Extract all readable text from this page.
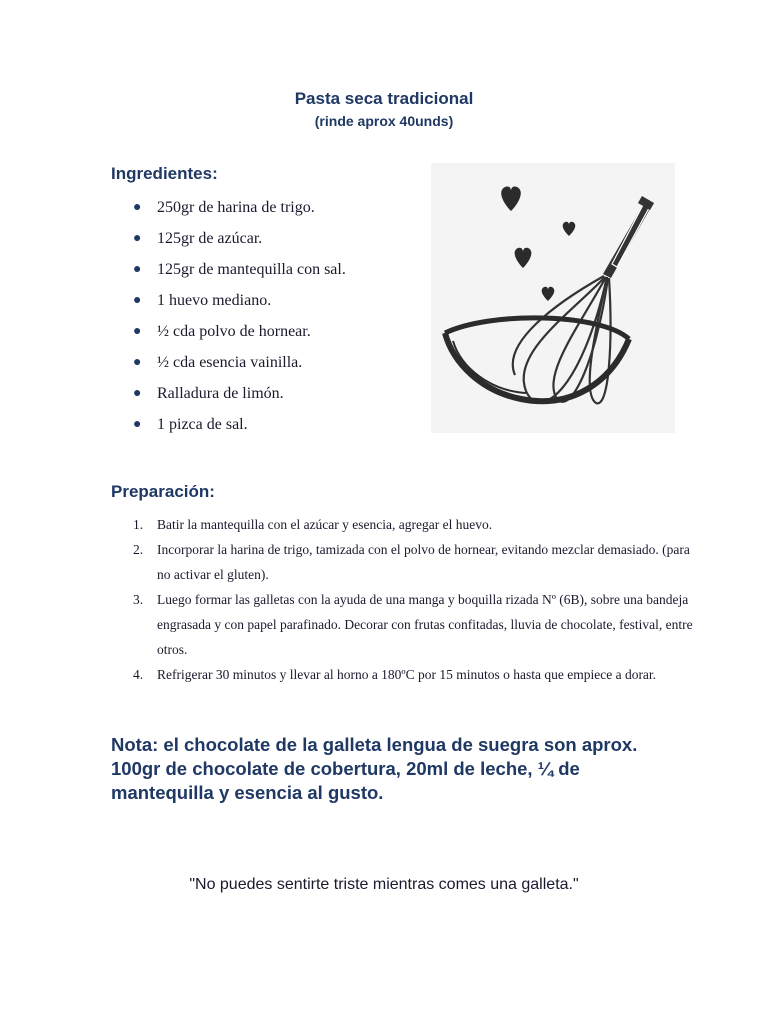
Pasta seca tradicional
(rinde aprox 40unds)
Ingredientes:
● 250gr de harina de trigo.
● 125gr de azúcar.
● 125gr de mantequilla con sal.
● 1 huevo mediano.
● ½ cda polvo de hornear.
● ½ cda esencia vainilla.
● Ralladura de limón.
● 1 pizca de sal.
Preparación:
1.	Batir la mantequilla con el azúcar y esencia, agregar el huevo.
2.	Incorporar la harina de trigo, tamizada con el polvo de hornear, evitando mezclar demasiado. (para no activar el gluten).
3.	Luego formar las galletas con la ayuda de una manga y boquilla rizada Nº (6B), sobre una bandeja engrasada y con papel parafinado. Decorar con frutas confitadas, lluvia de chocolate, festival, entre otros.
4.	Refrigerar 30 minutos y llevar al horno a 180ºC por 15 minutos o hasta que empiece a dorar.
Nota: el chocolate de la galleta lengua de suegra son aprox. 100gr de chocolate de cobertura, 20ml de leche, ¼ de mantequilla y esencia al gusto.
"No puedes sentirte triste mientras comes una galleta."
